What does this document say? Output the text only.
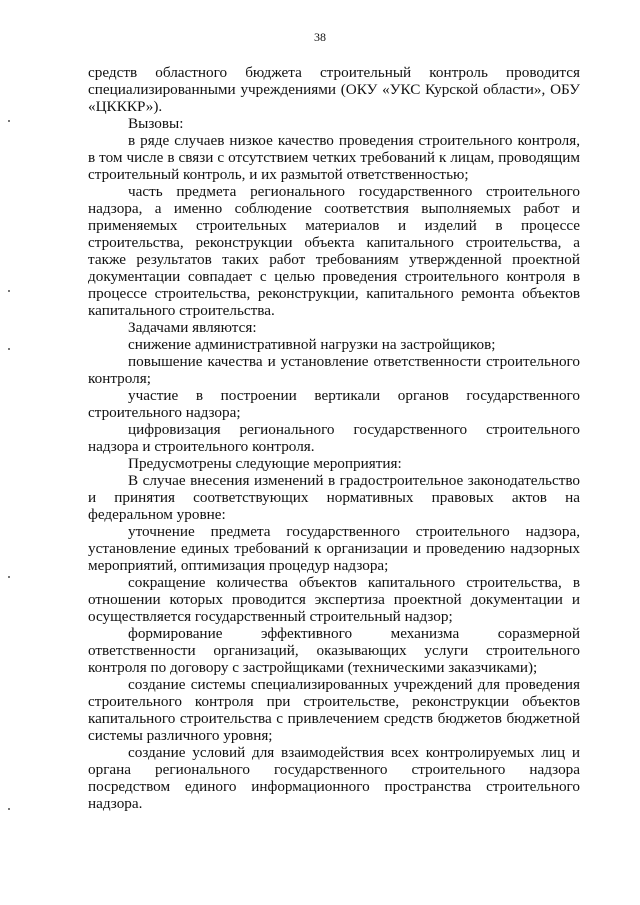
38

средств областного бюджета строительный контроль проводится специализированными учреждениями (ОКУ «УКС Курской области», ОБУ «ЦКККР»).

Вызовы:

в ряде случаев низкое качество проведения строительного контроля, в том числе в связи с отсутствием четких требований к лицам, проводящим строительный контроль, и их размытой ответственностью;

часть предмета регионального государственного строительного надзора, а именно соблюдение соответствия выполняемых работ и применяемых строительных материалов и изделий в процессе строительства, реконструкции объекта капитального строительства, а также результатов таких работ требованиям утвержденной проектной документации совпадает с целью проведения строительного контроля в процессе строительства, реконструкции, капитального ремонта объектов капитального строительства.

Задачами являются:

снижение административной нагрузки на застройщиков;

повышение качества и установление ответственности строительного контроля;

участие в построении вертикали органов государственного строительного надзора;

цифровизация регионального государственного строительного надзора и строительного контроля.

Предусмотрены следующие мероприятия:

В случае внесения изменений в градостроительное законодательство и принятия соответствующих нормативных правовых актов на федеральном уровне:

уточнение предмета государственного строительного надзора, установление единых требований к организации и проведению надзорных мероприятий, оптимизация процедур надзора;

сокращение количества объектов капитального строительства, в отношении которых проводится экспертиза проектной документации и осуществляется государственный строительный надзор;

формирование эффективного механизма соразмерной ответственности организаций, оказывающих услуги строительного контроля по договору с застройщиками (техническими заказчиками);

создание системы специализированных учреждений для проведения строительного контроля при строительстве, реконструкции объектов капитального строительства с привлечением средств бюджетов бюджетной системы различного уровня;

создание условий для взаимодействия всех контролируемых лиц и органа регионального государственного строительного надзора посредством единого информационного пространства строительного надзора.
